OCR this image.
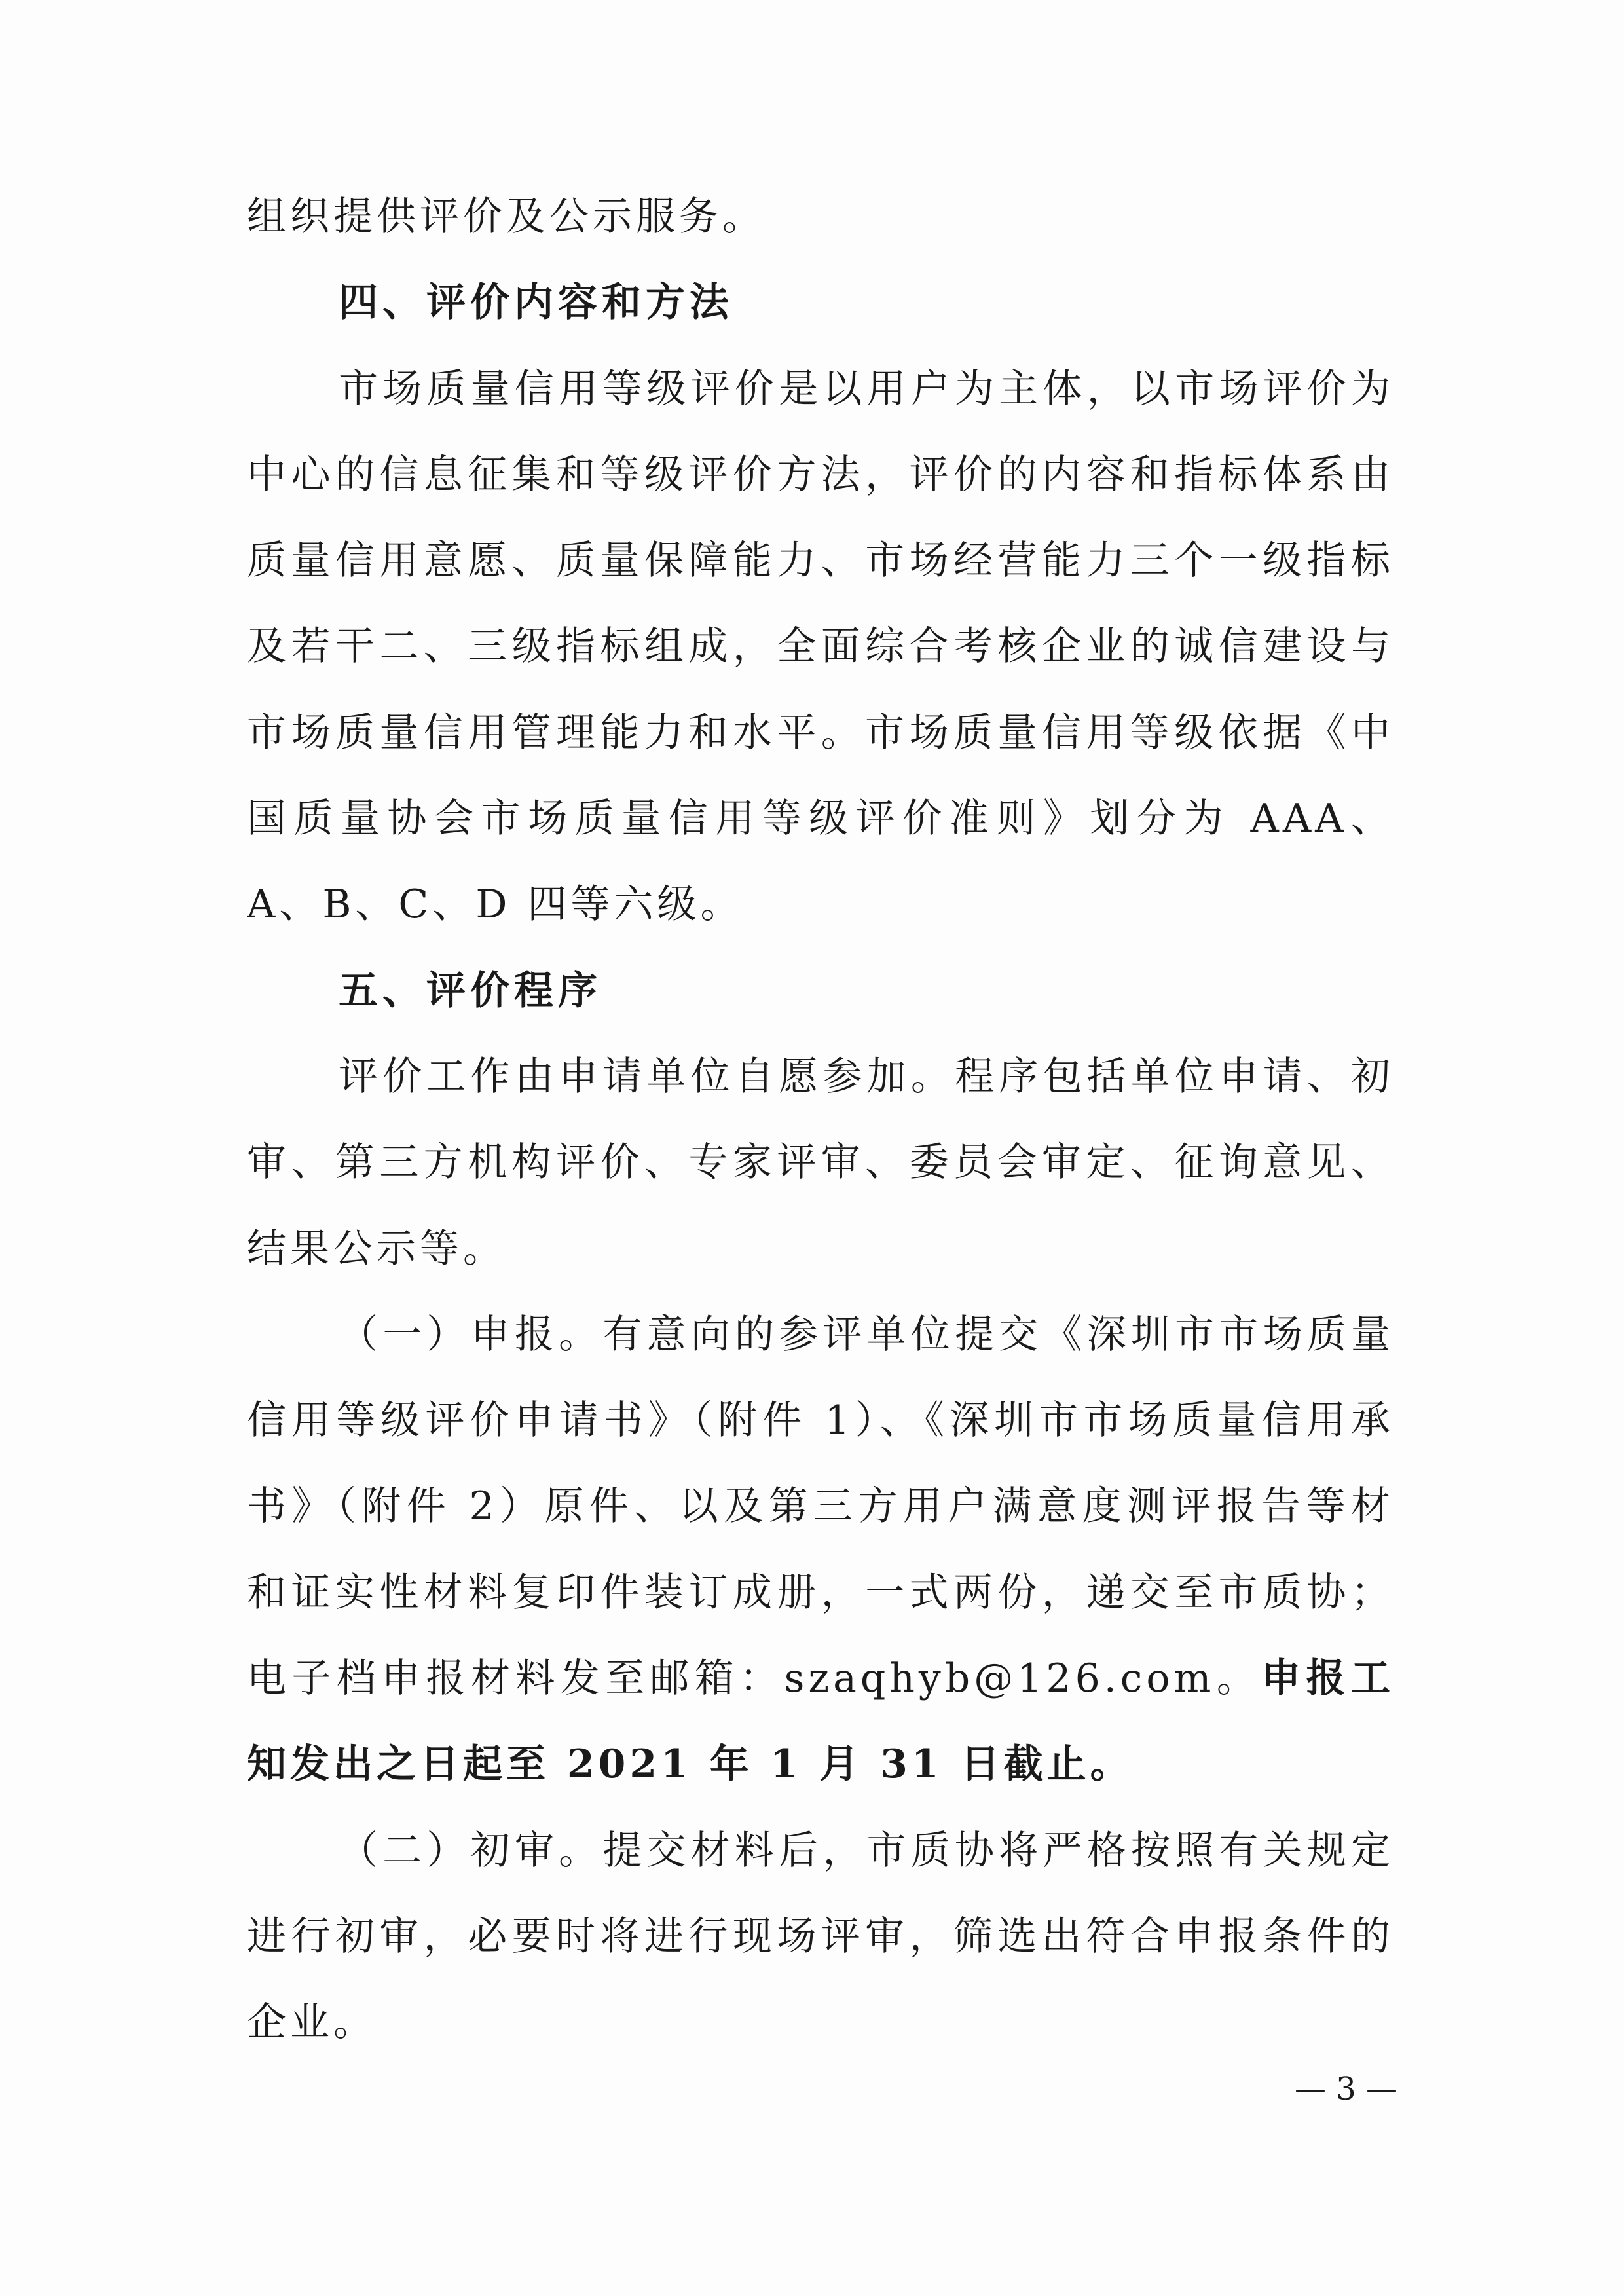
组织提供评价及公示服务。
四、评价内容和方法
市场质量信用等级评价是以用户为主体，以市场评价为
中心的信息征集和等级评价方法，评价的内容和指标体系由
质量信用意愿、质量保障能力、市场经营能力三个一级指标
及若干二、三级指标组成，全面综合考核企业的诚信建设与
市场质量信用管理能力和水平。市场质量信用等级依据《中
国质量协会市场质量信用等级评价准则》划分为 AAA、
A、B、C、D 四等六级。
五、评价程序
评价工作由申请单位自愿参加。程序包括单位申请、初
审、第三方机构评价、专家评审、委员会审定、征询意见、
结果公示等。
（一）申报。有意向的参评单位提交《深圳市市场质量
信用等级评价申请书》（附件 1）、《深圳市市场质量信用承
书》（附件 2）原件、以及第三方用户满意度测评报告等材
和证实性材料复印件装订成册，一式两份，递交至市质协；
电子档申报材料发至邮箱：szaqhyb@126.com。申报工
知发出之日起至 2021 年 1 月 31 日截止。
（二）初审。提交材料后，市质协将严格按照有关规定
进行初审，必要时将进行现场评审，筛选出符合申报条件的
企业。
— 3 —
